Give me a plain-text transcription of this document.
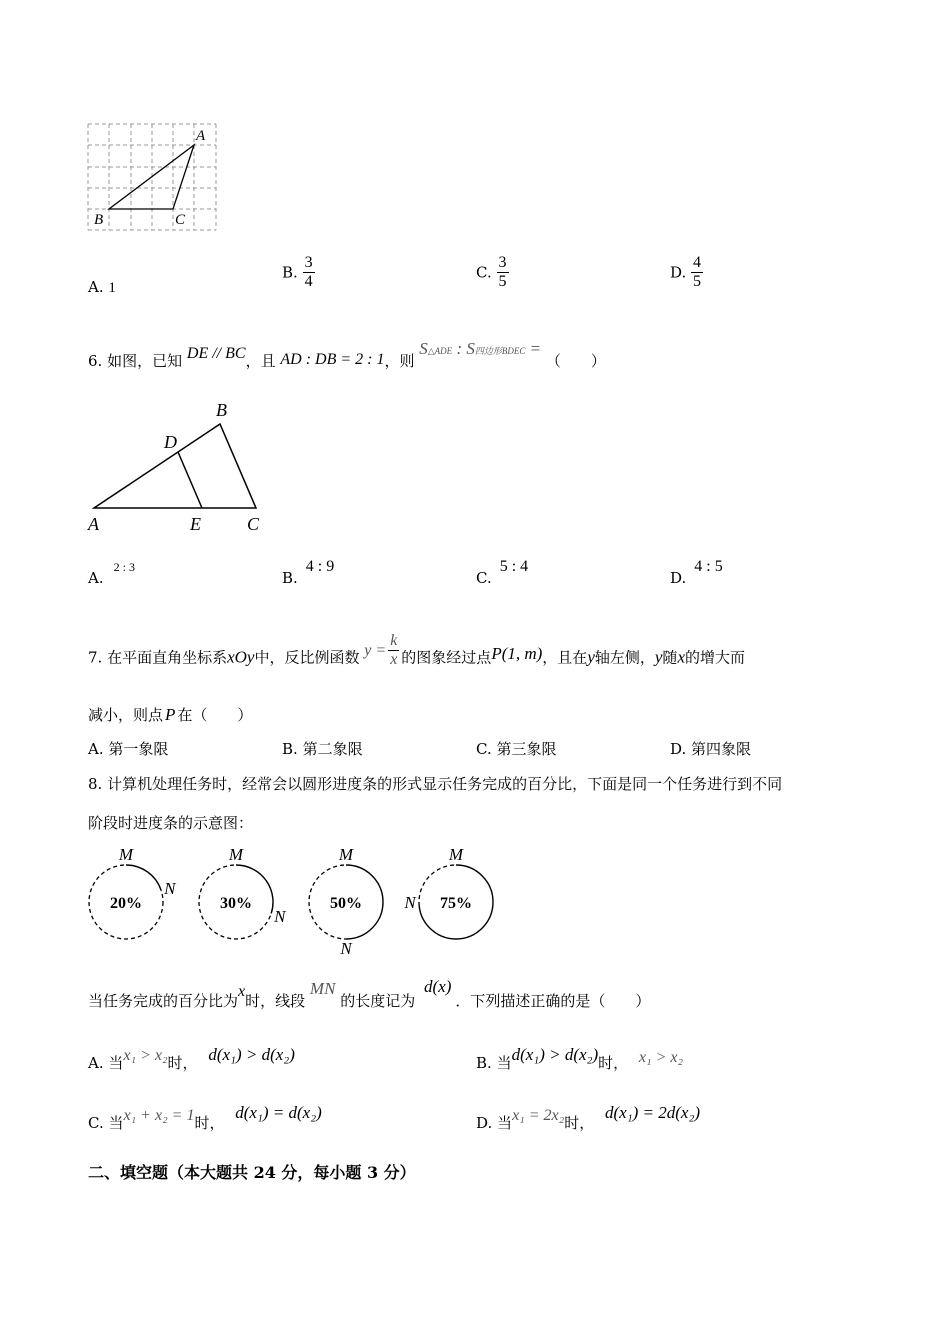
A
B	C
A. 1
B. $\frac{3}{4}$	C. $\frac{3}{5}$	D. $\frac{4}{5}$
6. 如图，已知 DE // BC，且 AD : DB = 2 : 1，则 S△ADE : S四边形BDEC = （　　）
B
D
A	E	C
A.$^{2 : 3}$
B.4 : 9
C.5 : 4
D.4 : 5
7. 在平面直角坐标系xOy中，反比例函数 $y = \frac{k}{x}$ 的图象经过点P(1, m)，且在y轴左侧，y随x的增大而
减小，则点 P 在（　　）
A. 第一象限	B. 第二象限	C. 第三象限	D. 第四象限
8. 计算机处理任务时，经常会以圆形进度条的形式显示任务完成的百分比，下面是同一个任务进行到不同
阶段时进度条的示意图：
20%
M
N
30%
M
N
50%
M
N
75%
M
N
当任务完成的百分比为x时，线段 MN 的长度记为 d(x)．下列描述正确的是（　　）
A. 当x₁ > x₂时， d(x₁) > d(x₂)	B. 当d(x₁) > d(x₂)时， x₁ > x₂
C. 当x₁ + x₂ = 1时， d(x₁) = d(x₂)
D. 当x₁ = 2x₂时， d(x₁) = 2d(x₂)
二、填空题（本大题共 24 分，每小题 3 分）
